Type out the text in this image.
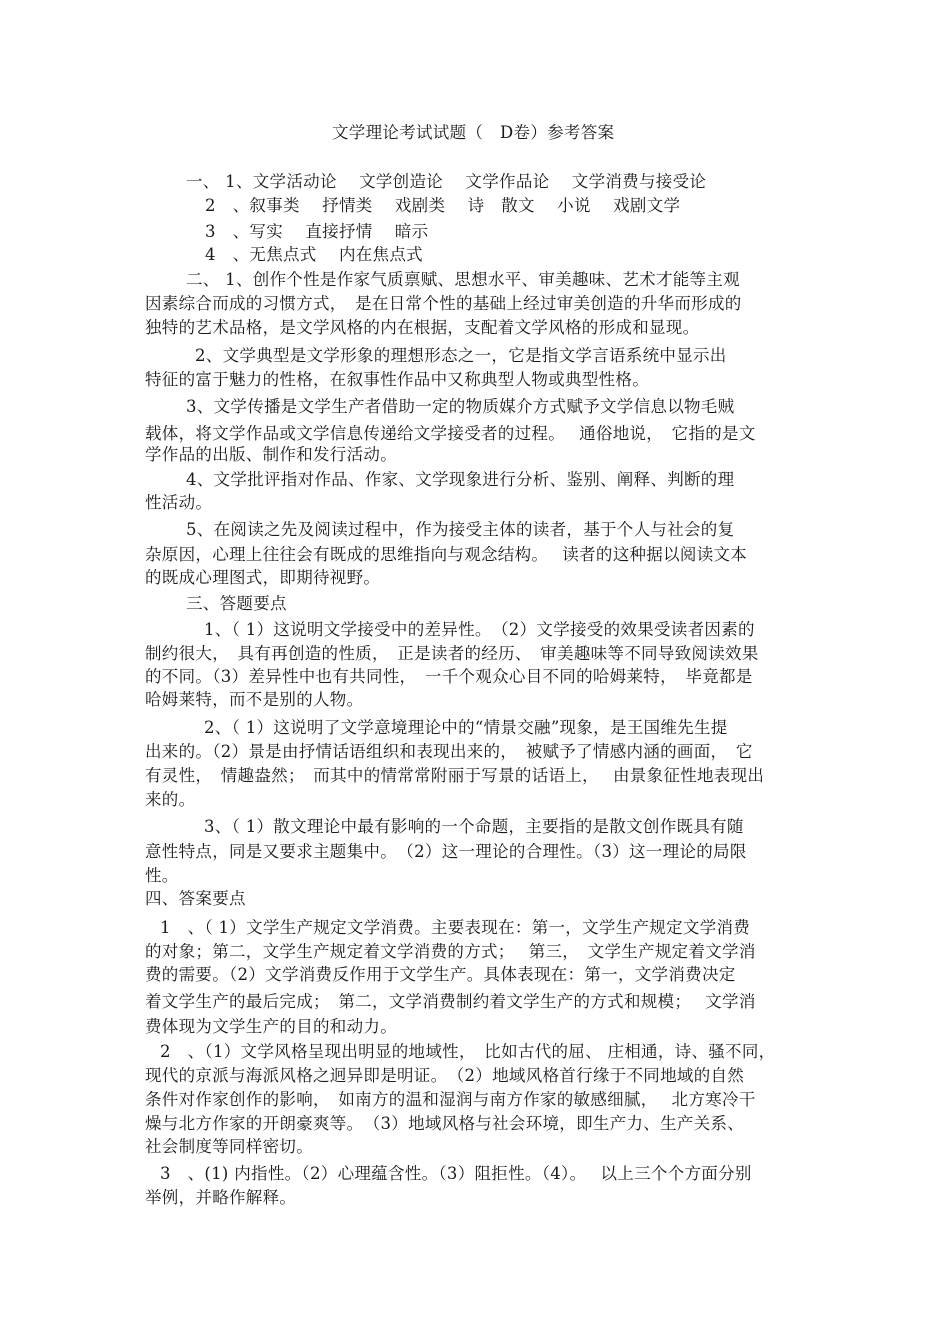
文学理论考试试题（　D卷）参考答案

一、 1、文学活动论　 文学创造论　 文学作品论　 文学消费与接受论

2　、叙事类　 抒情类　 戏剧类　 诗　散文　 小说　 戏剧文学

3　、写实　 直接抒情　 暗示

4　、无焦点式　 内在焦点式

二、 1、创作个性是作家气质禀赋、思想水平、审美趣味、艺术才能等主观

因素综合而成的习惯方式，　是在日常个性的基础上经过审美创造的升华而形成的

独特的艺术品格，是文学风格的内在根据，支配着文学风格的形成和显现。

2、文学典型是文学形象的理想形态之一，它是指文学言语系统中显示出

特征的富于魅力的性格，在叙事性作品中又称典型人物或典型性格。

3、文学传播是文学生产者借助一定的物质媒介方式赋予文学信息以物毛贼

载体，将文学作品或文学信息传递给文学接受者的过程。　 通俗地说，　它指的是文

学作品的出版、制作和发行活动。

4、文学批评指对作品、作家、文学现象进行分析、鉴别、阐释、判断的理

性活动。

5、在阅读之先及阅读过程中，作为接受主体的读者，基于个人与社会的复

杂原因，心理上往往会有既成的思维指向与观念结构。　 读者的这种据以阅读文本

的既成心理图式，即期待视野。

三、答题要点

1、（ 1）这说明文学接受中的差异性。　（2）文学接受的效果受读者因素的

制约很大，　具有再创造的性质，　正是读者的经历、　审美趣味等不同导致阅读效果

的不同。（3）差异性中也有共同性，　一千个观众心目不同的哈姆莱特，　毕竟都是

哈姆莱特，而不是别的人物。

2、（ 1）这说明了文学意境理论中的“情景交融”现象，是王国维先生提

出来的。（2）景是由抒情话语组织和表现出来的，　被赋予了情感内涵的画面，　它

有灵性，　情趣盎然；　而其中的情常常附丽于写景的话语上，　 由景象征性地表现出

来的。

3、（ 1）散文理论中最有影响的一个命题，主要指的是散文创作既具有随

意性特点，同是又要求主题集中。　（2）这一理论的合理性。（3）这一理论的局限

性。

四、答案要点

1　、（ 1）文学生产规定文学消费。主要表现在：第一，文学生产规定文学消费

的对象；第二，文学生产规定着文学消费的方式；　 第三，　文学生产规定着文学消

费的需要。（2）文学消费反作用于文学生产。具体表现在：第一，文学消费决定

着文学生产的最后完成；　第二，文学消费制约着文学生产的方式和规模；　 文学消

费体现为文学生产的目的和动力。

2　、（1）文学风格呈现出明显的地域性，　比如古代的屈、 庄相通，诗、骚不同，

现代的京派与海派风格之迥异即是明证。　（2）地域风格首行缘于不同地域的自然

条件对作家创作的影响，　如南方的温和湿润与南方作家的敏感细腻，　 北方寒冷干

燥与北方作家的开朗豪爽等。　（3）地域风格与社会环境，即生产力、生产关系、

社会制度等同样密切。

3　、(1) 内指性。（2）心理蕴含性。（3）阻拒性。（4）。　 以上三个个方面分别

举例，并略作解释。
